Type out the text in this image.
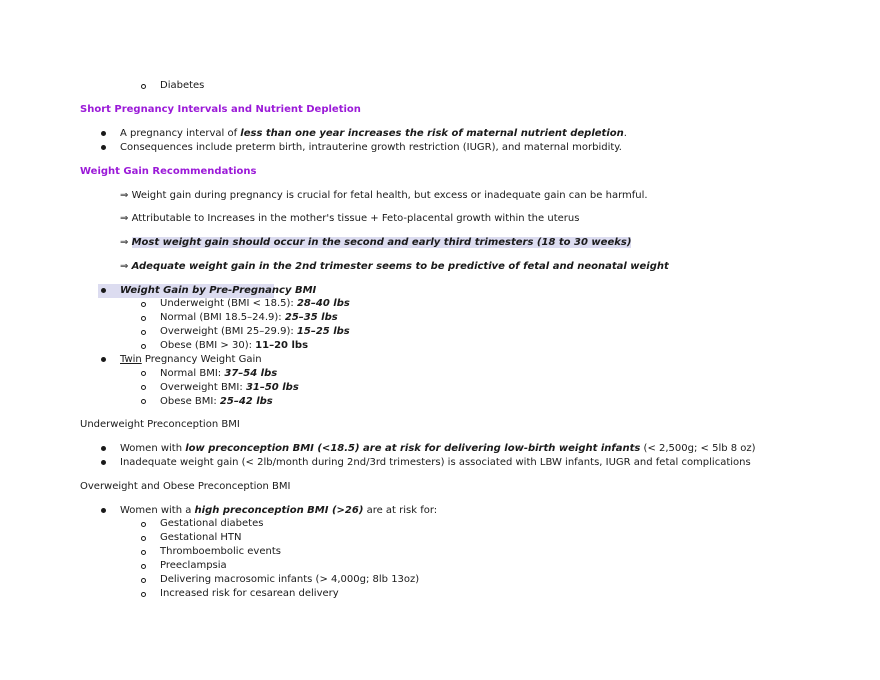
Diabetes
Short Pregnancy Intervals and Nutrient Depletion
A pregnancy interval of less than one year increases the risk of maternal nutrient depletion.
Consequences include preterm birth, intrauterine growth restriction (IUGR), and maternal morbidity.
Weight Gain Recommendations
⇒ Weight gain during pregnancy is crucial for fetal health, but excess or inadequate gain can be harmful.
⇒ Attributable to Increases in the mother's tissue + Feto-placental growth within the uterus
⇒ Most weight gain should occur in the second and early third trimesters (18 to 30 weeks)
⇒ Adequate weight gain in the 2nd trimester seems to be predictive of fetal and neonatal weight
Weight Gain by Pre-Pregnancy BMI
Underweight (BMI < 18.5): 28–40 lbs
Normal (BMI 18.5–24.9): 25–35 lbs
Overweight (BMI 25–29.9): 15–25 lbs
Obese (BMI > 30): 11–20 lbs
Twin Pregnancy Weight Gain
Normal BMI: 37–54 lbs
Overweight BMI: 31–50 lbs
Obese BMI: 25–42 lbs
Underweight Preconception BMI
Women with low preconception BMI (<18.5) are at risk for delivering low-birth weight infants (< 2,500g; < 5lb 8 oz)
Inadequate weight gain (< 2lb/month during 2nd/3rd trimesters) is associated with LBW infants, IUGR and fetal complications
Overweight and Obese Preconception BMI
Women with a high preconception BMI (>26) are at risk for:
Gestational diabetes
Gestational HTN
Thromboembolic events
Preeclampsia
Delivering macrosomic infants (> 4,000g; 8lb 13oz)
Increased risk for cesarean delivery
